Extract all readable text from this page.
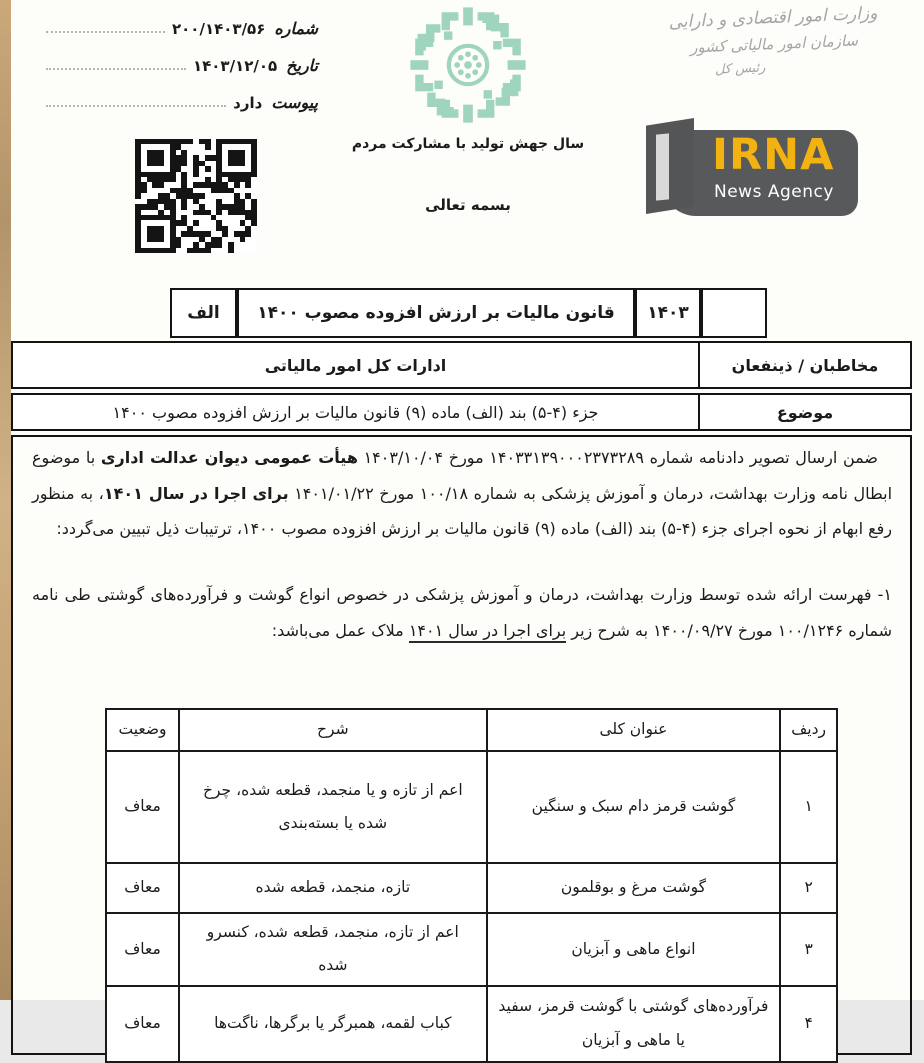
شماره
۲۰۰/۱۴۰۳/۵۶
تاریخ
۱۴۰۳/۱۲/۰۵
پیوست
دارد
سال جهش تولید با مشارکت مردم
بسمه تعالی
وزارت امور اقتصادی و دارایی
سازمان امور مالیاتی کشور
رئیس کل
IRNA
News Agency
الف	قانون مالیات بر ارزش افزوده مصوب ۱۴۰۰	۱۴۰۳
مخاطبان / ذینفعان
ادارات کل امور مالیاتی
موضوع
جزء (۴-۵) بند (الف) ماده (۹) قانون مالیات بر ارزش افزوده مصوب ۱۴۰۰
ضمن ارسال تصویر دادنامه شماره ۱۴۰۳۳۱۳۹۰۰۰۲۳۷۳۲۸۹ مورخ ۱۴۰۳/۱۰/۰۴ هیأت عمومی دیوان عدالت اداری با موضوع ابطال نامه وزارت بهداشت، درمان و آموزش پزشکی به شماره ۱۰۰/۱۸ مورخ ۱۴۰۱/۰۱/۲۲ برای اجرا در سال ۱۴۰۱، به منظور رفع ابهام از نحوه اجرای جزء (۴-۵) بند (الف) ماده (۹) قانون مالیات بر ارزش افزوده مصوب ۱۴۰۰، ترتیبات ذیل تبیین می‌گردد:
۱- فهرست ارائه شده توسط وزارت بهداشت، درمان و آموزش پزشکی در خصوص انواع گوشت و فرآورده‌های گوشتی طی نامه شماره ۱۰۰/۱۲۴۶ مورخ ۱۴۰۰/۰۹/۲۷ به شرح زیر برای اجرا در سال ۱۴۰۱ ملاک عمل می‌باشد:
ردیف	عنوان کلی	شرح	وضعیت
۱	گوشت قرمز دام سبک و سنگین	اعم از تازه و یا منجمد، قطعه شده، چرخ شده یا بسته‌بندی	معاف
۲	گوشت مرغ و بوقلمون	تازه، منجمد، قطعه شده	معاف
۳	انواع ماهی و آبزیان	اعم از تازه، منجمد، قطعه شده، کنسرو شده	معاف
۴	فرآورده‌های گوشتی با گوشت قرمز، سفید یا ماهی و آبزیان	کباب لقمه، همبرگر یا برگرها، ناگت‌ها	معاف
